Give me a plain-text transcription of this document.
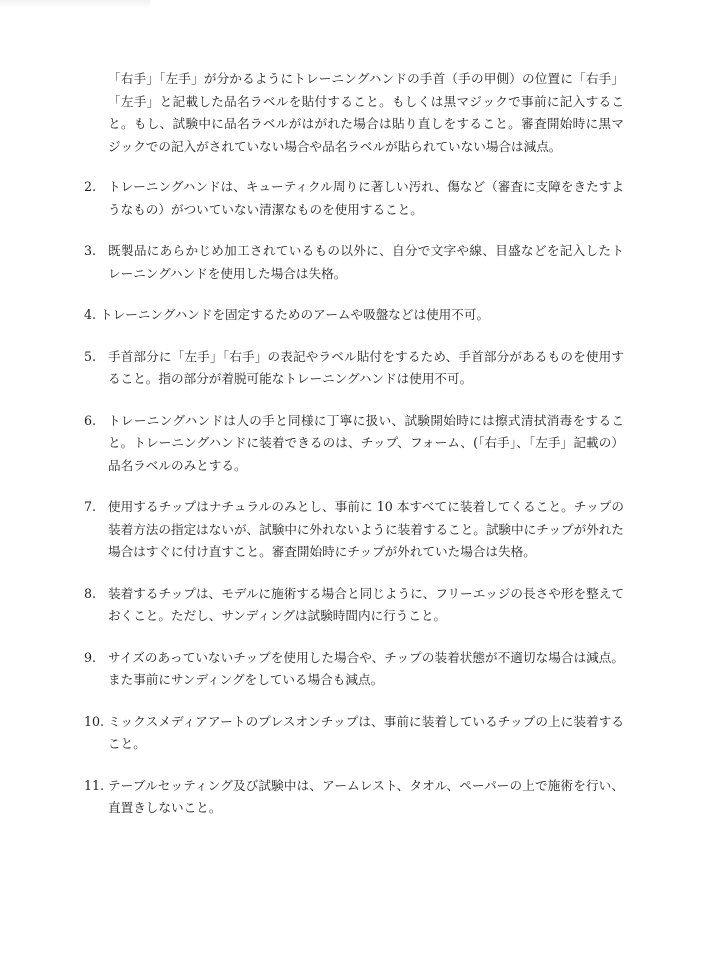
「右手」「左手」が分かるようにトレーニングハンドの手首（手の甲側）の位置に「右手」「左手」と記載した品名ラベルを貼付すること。もしくは黒マジックで事前に記入すること。もし、試験中に品名ラベルがはがれた場合は貼り直しをすること。審査開始時に黒マジックでの記入がされていない場合や品名ラベルが貼られていない場合は減点。

2. トレーニングハンドは、キューティクル周りに著しい汚れ、傷など（審査に支障をきたすようなもの）がついていない清潔なものを使用すること。
3. 既製品にあらかじめ加工されているもの以外に、自分で文字や線、目盛などを記入したトレーニングハンドを使用した場合は失格。
4. トレーニングハンドを固定するためのアームや吸盤などは使用不可。
5. 手首部分に「左手」「右手」の表記やラベル貼付をするため、手首部分があるものを使用すること。指の部分が着脱可能なトレーニングハンドは使用不可。
6. トレーニングハンドは人の手と同様に丁寧に扱い、試験開始時には擦式清拭消毒をすること。トレーニングハンドに装着できるのは、チップ、フォーム、(「右手」、「左手」記載の）品名ラベルのみとする。
7. 使用するチップはナチュラルのみとし、事前に 10 本すべてに装着してくること。チップの装着方法の指定はないが、試験中に外れないように装着すること。試験中にチップが外れた場合はすぐに付け直すこと。審査開始時にチップが外れていた場合は失格。
8. 装着するチップは、モデルに施術する場合と同じように、フリーエッジの長さや形を整えておくこと。ただし、サンディングは試験時間内に行うこと。
9. サイズのあっていないチップを使用した場合や、チップの装着状態が不適切な場合は減点。また事前にサンディングをしている場合も減点。
10. ミックスメディアアートのプレスオンチップは、事前に装着しているチップの上に装着すること。
11. テーブルセッティング及び試験中は、アームレスト、タオル、ペーパーの上で施術を行い、直置きしないこと。
